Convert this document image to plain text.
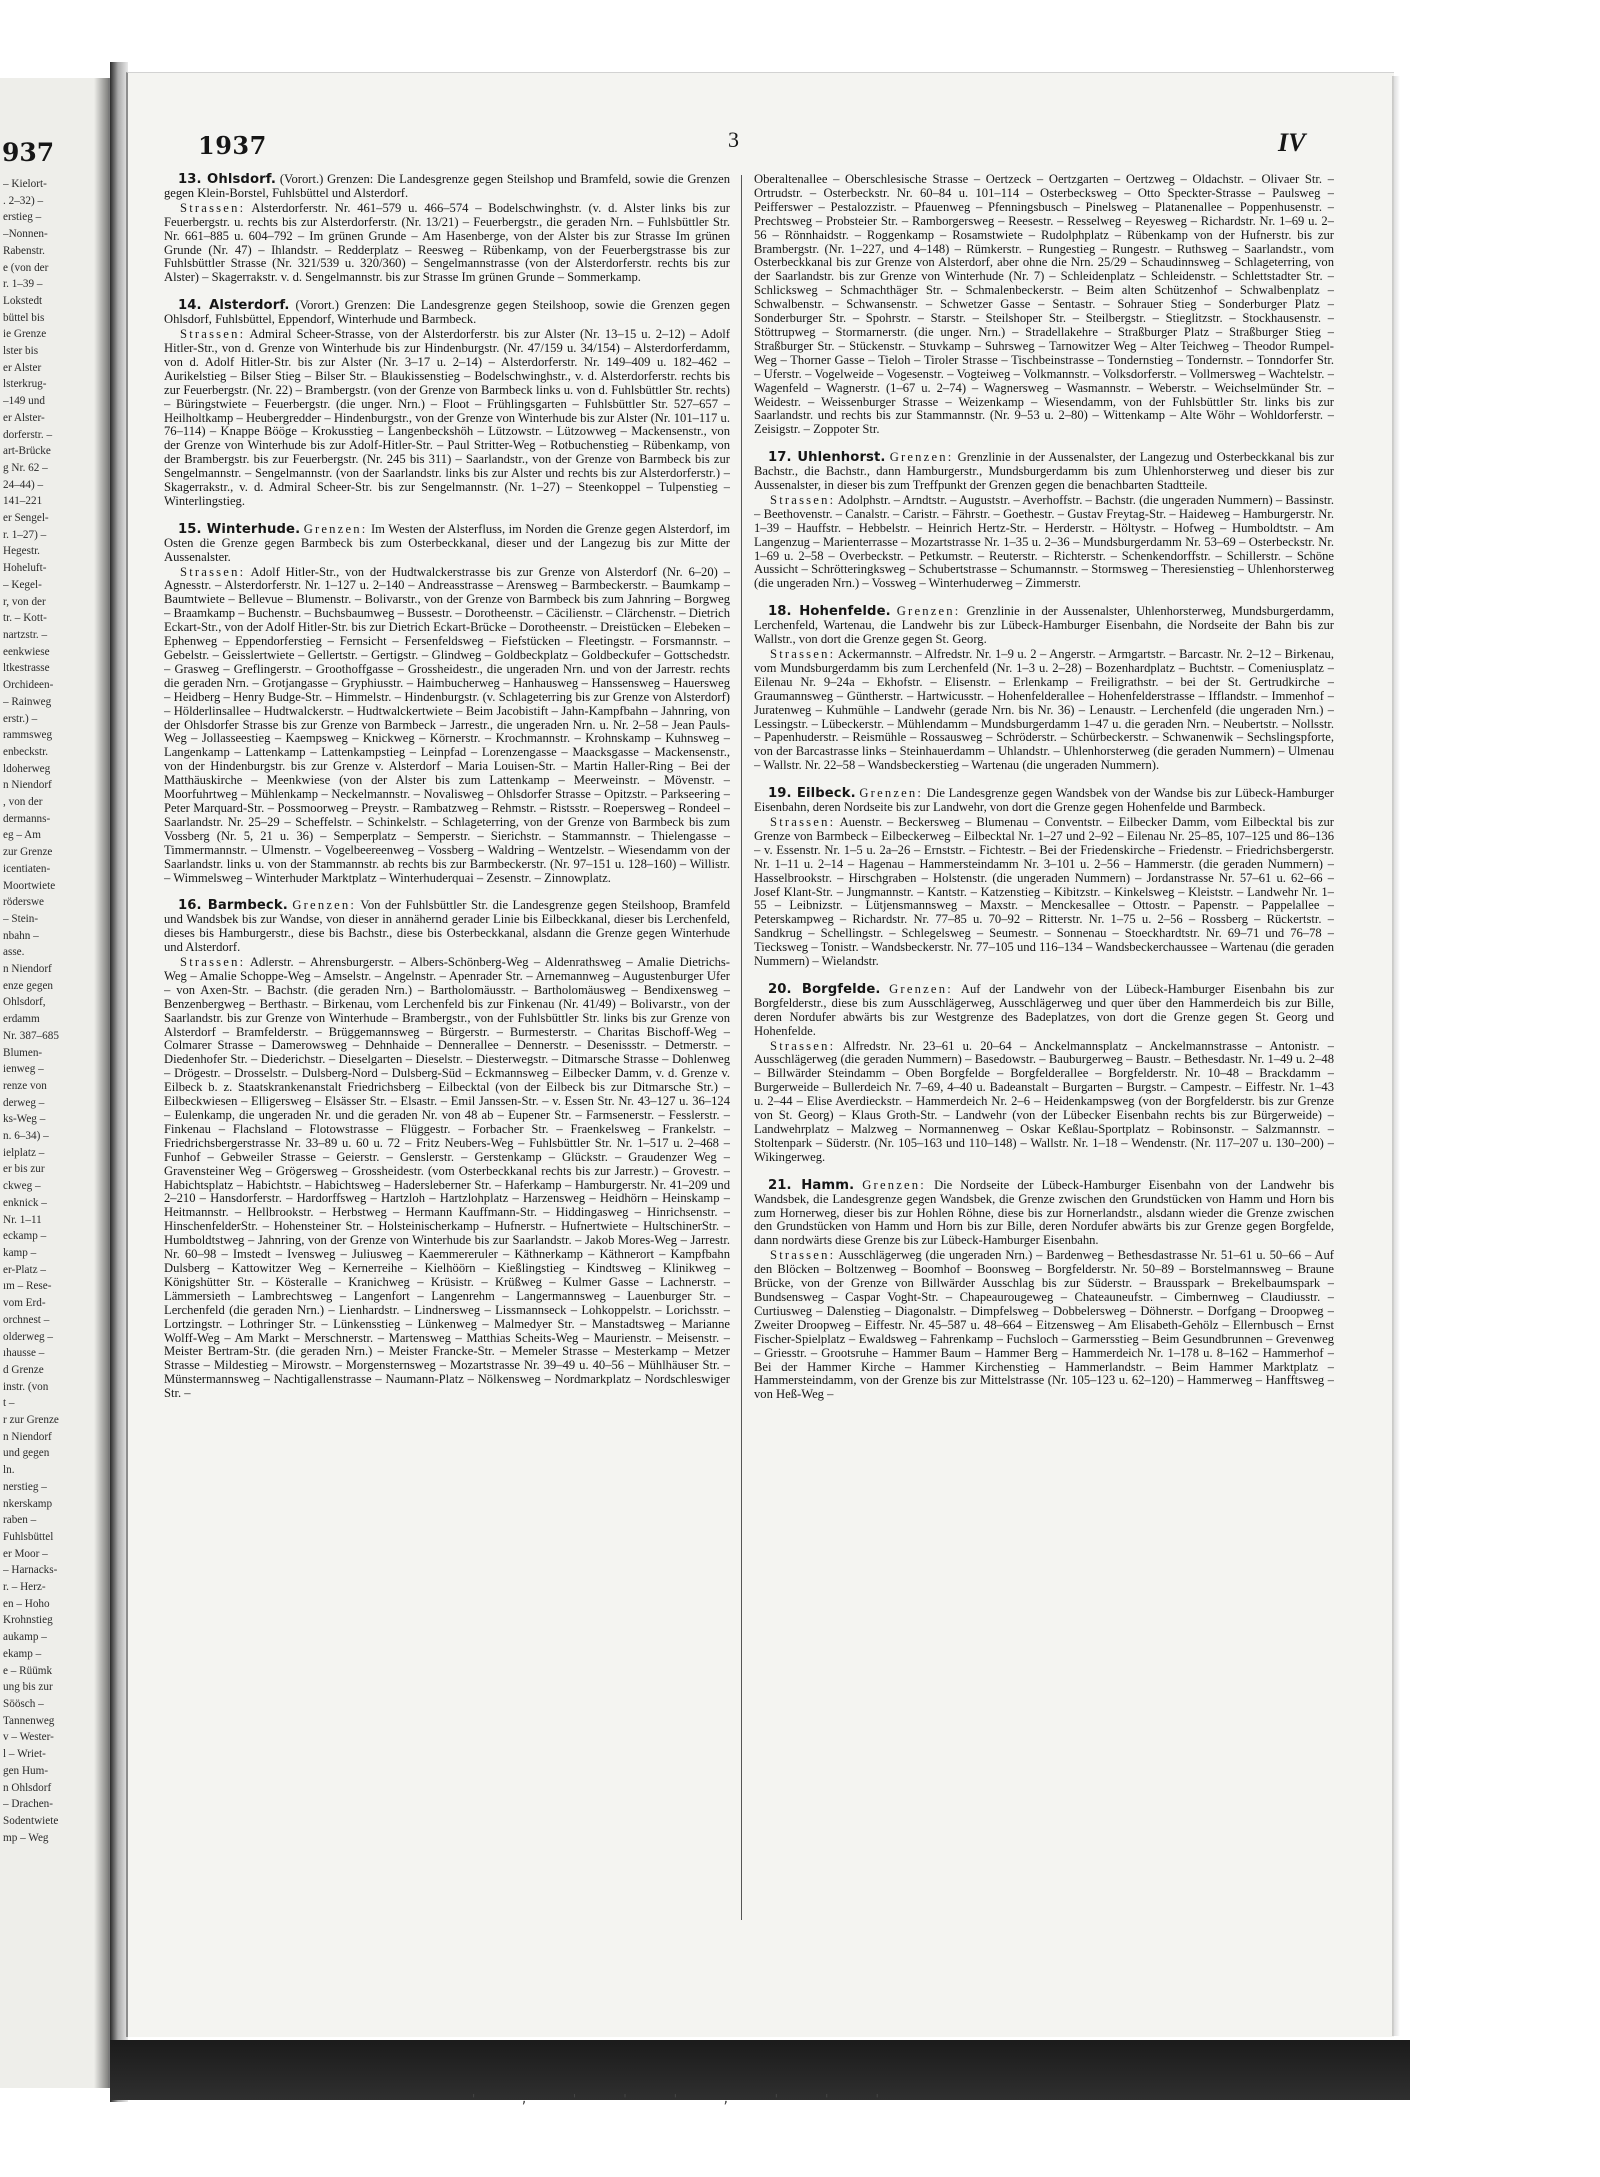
937
– Kielort-
. 2–32) –
erstieg –
–Nonnen-
Rabenstr.
e (von der
r. 1–39 –
Lokstedt
büttel bis
ie Grenze
lster bis
er Alster
lsterkrug-
–149 und
er Alster-
dorferstr. –
art-Brücke
g Nr. 62 –
24–44) –
141–221
er Sengel-
r. 1–27) –
Hegestr.
Hoheluft-
– Kegel-
r, von der
tr. – Kott-
nartzstr. –
eenkwiese
ltkestrasse
Orchideen-
– Rainweg
erstr.) –
rammsweg
enbeckstr.
ldoherweg
n Niendorf
, von der
dermanns-
eg – Am
zur Grenze
icentiaten-
Moortwiete
röderswe
– Stein-
nbahn –
asse.
n Niendorf
enze gegen
Ohlsdorf,
erdamm
Nr. 387–685
Blumen-
ienweg –
renze von
derweg –
ks-Weg –
n. 6–34) –
ielplatz –
er bis zur
ckweg –
enknick –
Nr. 1–11
eckamp –
kamp –
er-Platz –
ım – Rese-
vom Erd-
orchnest –
olderweg –
ıhausse –
d Grenze
instr. (von
t –
r zur Grenze
n Niendorf
und gegen
ln.
nerstieg –
nkerskamp
raben –
Fuhlsbüttel
er Moor –
– Harnacks-
r. – Herz-
en – Hoho
Krohnstieg
aukamp –
ekamp –
e – Rüümk
ung bis zur
Söösch –
Tannenweg
v – Wester-
l – Wriet-
gen Hum-
n Ohlsdorf
– Drachen-
Sodentwiete
mp – Weg
1937	3	IV

13. Ohlsdorf. (Vorort.) Grenzen: Die Landesgrenze gegen Steilshop und Bramfeld, sowie die Grenzen gegen Klein-Borstel, Fuhlsbüttel und Alsterdorf.

Strassen: Alsterdorferstr. Nr. 461–579 u. 466–574 – Bodelschwinghstr. (v. d. Alster links bis zur Feuerbergstr. u. rechts bis zur Alsterdorferstr. (Nr. 13/21) – Feuerbergstr., die geraden Nrn. – Fuhlsbüttler Str. Nr. 661–885 u. 604–792 – Im grünen Grunde – Am Hasenberge, von der Alster bis zur Strasse Im grünen Grunde (Nr. 47) – Ihlandstr. – Redderplatz – Reesweg – Rübenkamp, von der Feuerbergstrasse bis zur Fuhlsbüttler Strasse (Nr. 321/539 u. 320/360) – Sengelmannstrasse (von der Alsterdorferstr. rechts bis zur Alster) – Skagerrakstr. v. d. Sengelmannstr. bis zur Strasse Im grünen Grunde – Sommerkamp.

14. Alsterdorf. (Vorort.) Grenzen: Die Landesgrenze gegen Steilshoop, sowie die Grenzen gegen Ohlsdorf, Fuhlsbüttel, Eppendorf, Winterhude und Barmbeck.

Strassen: Admiral Scheer-Strasse, von der Alsterdorferstr. bis zur Alster (Nr. 13–15 u. 2–12) – Adolf Hitler-Str., von d. Grenze von Winterhude bis zur Hindenburgstr. (Nr. 47/159 u. 34/154) – Alsterdorferdamm, von d. Adolf Hitler-Str. bis zur Alster (Nr. 3–17 u. 2–14) – Alsterdorferstr. Nr. 149–409 u. 182–462 – Aurikelstieg – Bilser Stieg – Bilser Str. – Blaukissenstieg – Bodelschwinghstr., v. d. Alsterdorferstr. rechts bis zur Feuerbergstr. (Nr. 22) – Brambergstr. (von der Grenze von Barmbeck links u. von d. Fuhlsbüttler Str. rechts) – Büringstwiete – Feuerbergstr. (die unger. Nrn.) – Floot – Frühlingsgarten – Fuhlsbüttler Str. 527–657 – Heilholtkamp – Heubergredder – Hindenburgstr., von der Grenze von Winterhude bis zur Alster (Nr. 101–117 u. 76–114) – Knappe Bööge – Krokusstieg – Langenbeckshöh – Lützowstr. – Lützowweg – Mackensenstr., von der Grenze von Winterhude bis zur Adolf-Hitler-Str. – Paul Stritter-Weg – Rotbuchenstieg – Rübenkamp, von der Brambergstr. bis zur Feuerbergstr. (Nr. 245 bis 311) – Saarlandstr., von der Grenze von Barmbeck bis zur Sengelmannstr. – Sengelmannstr. (von der Saarlandstr. links bis zur Alster und rechts bis zur Alsterdorferstr.) – Skagerrakstr., v. d. Admiral Scheer-Str. bis zur Sengelmannstr. (Nr. 1–27) – Steenkoppel – Tulpenstieg – Winterlingstieg.

15. Winterhude. Grenzen: Im Westen der Alsterfluss, im Norden die Grenze gegen Alsterdorf, im Osten die Grenze gegen Barmbeck bis zum Osterbeckkanal, dieser und der Langezug bis zur Mitte der Aussenalster.

Strassen: Adolf Hitler-Str., von der Hudtwalckerstrasse bis zur Grenze von Alsterdorf (Nr. 6–20) – Agnesstr. – Alsterdorferstr. Nr. 1–127 u. 2–140 – Andreasstrasse – Arensweg – Barmbeckerstr. – Baumkamp – Baumtwiete – Bellevue – Blumenstr. – Bolivarstr., von der Grenze von Barmbeck bis zum Jahnring – Borgweg – Braamkamp – Buchenstr. – Buchsbaumweg – Bussestr. – Dorotheenstr. – Cäcilienstr. – Clärchenstr. – Dietrich Eckart-Str., von der Adolf Hitler-Str. bis zur Dietrich Eckart-Brücke – Dorotheenstr. – Dreistücken – Elebeken – Ephenweg – Eppendorferstieg – Fernsicht – Fersenfeldsweg – Fiefstücken – Fleetingstr. – Forsmannstr. – Gebelstr. – Geisslertwiete – Gellertstr. – Gertigstr. – Glindweg – Goldbeckplatz – Goldbeckufer – Gottschedstr. – Grasweg – Greflingerstr. – Groothoffgasse – Grossheidestr., die ungeraden Nrn. und von der Jarrestr. rechts die geraden Nrn. – Grotjangasse – Gryphiusstr. – Haimbucherweg – Hanhausweg – Hanssensweg – Hauersweg – Heidberg – Henry Budge-Str. – Himmelstr. – Hindenburgstr. (v. Schlageterring bis zur Grenze von Alsterdorf) – Hölderlinsallee – Hudtwalckerstr. – Hudtwalckertwiete – Beim Jacobistift – Jahn-Kampfbahn – Jahnring, von der Ohlsdorfer Strasse bis zur Grenze von Barmbeck – Jarrestr., die ungeraden Nrn. u. Nr. 2–58 – Jean Pauls-Weg – Jollasseestieg – Kaempsweg – Knickweg – Körnerstr. – Krochmannstr. – Krohnskamp – Kuhnsweg – Langenkamp – Lattenkamp – Lattenkampstieg – Leinpfad – Lorenzengasse – Maacksgasse – Mackensenstr., von der Hindenburgstr. bis zur Grenze v. Alsterdorf – Maria Louisen-Str. – Martin Haller-Ring – Bei der Matthäuskirche – Meenkwiese (von der Alster bis zum Lattenkamp – Meerweinstr. – Mövenstr. – Moorfuhrtweg – Mühlenkamp – Neckelmannstr. – Novalisweg – Ohlsdorfer Strasse – Opitzstr. – Parkseering – Peter Marquard-Str. – Possmoorweg – Preystr. – Rambatzweg – Rehmstr. – Ristsstr. – Roepersweg – Rondeel – Saarlandstr. Nr. 25–29 – Scheffelstr. – Schinkelstr. – Schlageterring, von der Grenze von Barmbeck bis zum Vossberg (Nr. 5, 21 u. 36) – Semperplatz – Semperstr. – Sierichstr. – Stammannstr. – Thielengasse – Timmermannstr. – Ulmenstr. – Vogelbeereenweg – Vossberg – Waldring – Wentzelstr. – Wiesendamm von der Saarlandstr. links u. von der Stammannstr. ab rechts bis zur Barmbeckerstr. (Nr. 97–151 u. 128–160) – Willistr. – Wimmelsweg – Winterhuder Marktplatz – Winterhuderquai – Zesenstr. – Zinnowplatz.

16. Barmbeck. Grenzen: Von der Fuhlsbüttler Str. die Landesgrenze gegen Steilshoop, Bramfeld und Wandsbek bis zur Wandse, von dieser in annähernd gerader Linie bis Eilbeckkanal, dieser bis Lerchenfeld, dieses bis Hamburgerstr., diese bis Bachstr., diese bis Osterbeckkanal, alsdann die Grenze gegen Winterhude und Alsterdorf.

Strassen: Adlerstr. – Ahrensburgerstr. – Albers-Schönberg-Weg – Aldenrathsweg – Amalie Dietrichs-Weg – Amalie Schoppe-Weg – Amselstr. – Angelnstr. – Apenrader Str. – Arnemannweg – Augustenburger Ufer – von Axen-Str. – Bachstr. (die geraden Nrn.) – Bartholomäusstr. – Bartholomäusweg – Bendixensweg – Benzenbergweg – Berthastr. – Birkenau, vom Lerchenfeld bis zur Finkenau (Nr. 41/49) – Bolivarstr., von der Saarlandstr. bis zur Grenze von Winterhude – Brambergstr., von der Fuhlsbüttler Str. links bis zur Grenze von Alsterdorf – Bramfelderstr. – Brüggemannsweg – Bürgerstr. – Burmesterstr. – Charitas Bischoff-Weg – Colmarer Strasse – Damerowsweg – Dehnhaide – Dennerallee – Dennerstr. – Desenissstr. – Detmerstr. – Diedenhofer Str. – Diederichstr. – Dieselgarten – Dieselstr. – Diesterwegstr. – Ditmarsche Strasse – Dohlenweg – Drögestr. – Drosselstr. – Dulsberg-Nord – Dulsberg-Süd – Eckmannsweg – Eilbecker Damm, v. d. Grenze v. Eilbeck b. z. Staatskrankenanstalt Friedrichsberg – Eilbecktal (von der Eilbeck bis zur Ditmarsche Str.) – Eilbeckwiesen – Elligersweg – Elsässer Str. – Elsastr. – Emil Janssen-Str. – v. Essen Str. Nr. 43–127 u. 36–124 – Eulenkamp, die ungeraden Nr. und die geraden Nr. von 48 ab – Eupener Str. – Farmsenerstr. – Fesslerstr. – Finkenau – Flachsland – Flotowstrasse – Flüggestr. – Forbacher Str. – Fraenkelsweg – Frankelstr. – Friedrichsbergerstrasse Nr. 33–89 u. 60 u. 72 – Fritz Neubers-Weg – Fuhlsbüttler Str. Nr. 1–517 u. 2–468 – Funhof – Gebweiler Strasse – Geierstr. – Genslerstr. – Gerstenkamp – Glückstr. – Graudenzer Weg – Gravensteiner Weg – Grögersweg – Grossheidestr. (vom Osterbeckkanal rechts bis zur Jarrestr.) – Grovestr. – Habichtsplatz – Habichtstr. – Habichtsweg – Hadersleberner Str. – Haferkamp – Hamburgerstr. Nr. 41–209 und 2–210 – Hansdorferstr. – Hardorffsweg – Hartzloh – Hartzlohplatz – Harzensweg – Heidhörn – Heinskamp – Heitmannstr. – Hellbrookstr. – Herbstweg – Hermann Kauffmann-Str. – Hiddingasweg – Hinrichsenstr. – HinschenfelderStr. – Hohensteiner Str. – Holsteinischerkamp – Hufnerstr. – Hufnertwiete – HultschinerStr. – Humboldtstweg – Jahnring, von der Grenze von Winterhude bis zur Saarlandstr. – Jakob Mores-Weg – Jarrestr. Nr. 60–98 – Imstedt – Ivensweg – Juliusweg – Kaemmereruler – Käthnerkamp – Käthnerort – Kampfbahn Dulsberg – Kattowitzer Weg – Kernerreihe – Kielhöörn – Kießlingstieg – Kindtsweg – Klinikweg – Königshütter Str. – Kösteralle – Kranichweg – Krüsistr. – Krüßweg – Kulmer Gasse – Lachnerstr. – Lämmersieth – Lambrechtsweg – Langenfort – Langenrehm – Langermannsweg – Lauenburger Str. – Lerchenfeld (die geraden Nrn.) – Lienhardstr. – Lindnersweg – Lissmannseck – Lohkoppelstr. – Lorichsstr. – Lortzingstr. – Lothringer Str. – Lünkensstieg – Lünkenweg – Malmedyer Str. – Manstadtsweg – Marianne Wolff-Weg – Am Markt – Merschnerstr. – Martensweg – Matthias Scheits-Weg – Maurienstr. – Meisenstr. – Meister Bertram-Str. (die geraden Nrn.) – Meister Francke-Str. – Memeler Strasse – Mesterkamp – Metzer Strasse – Mildestieg – Mirowstr. – Morgensternsweg – Mozartstrasse Nr. 39–49 u. 40–56 – Mühlhäuser Str. – Münstermannsweg – Nachtigallenstrasse – Naumann-Platz – Nölkensweg – Nordmarkplatz – Nordschleswiger Str. –

Oberaltenallee – Oberschlesische Strasse – Oertzeck – Oertzgarten – Oertzweg – Oldachstr. – Olivaer Str. – Ortrudstr. – Osterbeckstr. Nr. 60–84 u. 101–114 – Osterbecksweg – Otto Speckter-Strasse – Paulsweg – Peifferswег – Pestalozzistr. – Pfauenweg – Pfenningsbusch – Pinelsweg – Platanenallee – Poppenhusenstr. – Prechtsweg – Probsteier Str. – Ramborgersweg – Reesestr. – Resselweg – Reyesweg – Richardstr. Nr. 1–69 u. 2–56 – Rönnhaidstr. – Roggenkamp – Rosamstwiete – Rudolphplatz – Rübenkamp von der Hufnerstr. bis zur Brambergstr. (Nr. 1–227, und 4–148) – Rümkerstr. – Rungestieg – Rungestr. – Ruthsweg – Saarlandstr., vom Osterbeckkanal bis zur Grenze von Alsterdorf, aber ohne die Nrn. 25/29 – Schaudinnsweg – Schlageterring, von der Saarlandstr. bis zur Grenze von Winterhude (Nr. 7) – Schleidenplatz – Schleidenstr. – Schlettstadter Str. – Schlicksweg – Schmachthäger Str. – Schmalenbeckerstr. – Beim alten Schützenhof – Schwalbenplatz – Schwalbenstr. – Schwansenstr. – Schwetzer Gasse – Sentastr. – Sohrauer Stieg – Sonderburger Platz – Sonderburger Str. – Spohrstr. – Starstr. – Steilshoper Str. – Steilbergstr. – Stieglitzstr. – Stockhausenstr. – Stöttrupweg – Stormarnerstr. (die unger. Nrn.) – Stradellakehre – Straßburger Platz – Straßburger Stieg – Straßburger Str. – Stückenstr. – Stuvkamp – Suhrsweg – Tarnowitzer Weg – Alter Teichweg – Theodor Rumpel-Weg – Thorner Gasse – Tieloh – Tiroler Strasse – Tischbeinstrasse – Tondernstieg – Tondernstr. – Tonndorfer Str. – Uferstr. – Vogelweide – Vogesenstr. – Vogteiweg – Volkmannstr. – Volksdorferstr. – Vollmersweg – Wachtelstr. – Wagenfeld – Wagnerstr. (1–67 u. 2–74) – Wagnersweg – Wasmannstr. – Weberstr. – Weichselmünder Str. – Weidestr. – Weissenburger Strasse – Weizenkamp – Wiesendamm, von der Fuhlsbüttler Str. links bis zur Saarlandstr. und rechts bis zur Stammannstr. (Nr. 9–53 u. 2–80) – Wittenkamp – Alte Wöhr – Wohldorferstr. – Zeisigstr. – Zoppoter Str.

17. Uhlenhorst. Grenzen: Grenzlinie in der Aussenalster, der Langezug und Osterbeckkanal bis zur Bachstr., die Bachstr., dann Hamburgerstr., Mundsburgerdamm bis zum Uhlenhorsterweg und dieser bis zur Aussenalster, in dieser bis zum Treffpunkt der Grenzen gegen die benachbarten Stadtteile.

Strassen: Adolphstr. – Arndtstr. – Auguststr. – Averhoffstr. – Bachstr. (die ungeraden Nummern) – Bassinstr. – Beethovenstr. – Canalstr. – Caristr. – Fährstr. – Goethestr. – Gustav Freytag-Str. – Haideweg – Hamburgerstr. Nr. 1–39 – Hauffstr. – Hebbelstr. – Heinrich Hertz-Str. – Herderstr. – Höltystr. – Hofweg – Humboldtstr. – Am Langenzug – Marienterrasse – Mozartstrasse Nr. 1–35 u. 2–36 – Mundsburgerdamm Nr. 53–69 – Osterbeckstr. Nr. 1–69 u. 2–58 – Overbeckstr. – Petkumstr. – Reuterstr. – Richterstr. – Schenkendorffstr. – Schillerstr. – Schöne Aussicht – Schrötteringksweg – Schubertstrasse – Schumannstr. – Stormsweg – Theresienstieg – Uhlenhorsterweg (die ungeraden Nrn.) – Vossweg – Winterhuderweg – Zimmerstr.

18. Hohenfelde. Grenzen: Grenzlinie in der Aussenalster, Uhlenhorsterweg, Mundsburgerdamm, Lerchenfeld, Wartenau, die Landwehr bis zur Lübeck-Hamburger Eisenbahn, die Nordseite der Bahn bis zur Wallstr., von dort die Grenze gegen St. Georg.

Strassen: Ackermannstr. – Alfredstr. Nr. 1–9 u. 2 – Angerstr. – Armgartstr. – Barcastr. Nr. 2–12 – Birkenau, vom Mundsburgerdamm bis zum Lerchenfeld (Nr. 1–3 u. 2–28) – Bozenhardplatz – Buchtstr. – Comeniusplatz – Eilenau Nr. 9–24a – Ekhofstr. – Elisenstr. – Erlenkamp – Freiligrathstr. – bei der St. Gertrudkirche – Graumannsweg – Güntherstr. – Hartwicusstr. – Hohenfelderallee – Hohenfelderstrasse – Ifflandstr. – Immenhof – Juratenweg – Kuhmühle – Landwehr (gerade Nrn. bis Nr. 36) – Lenaustr. – Lerchenfeld (die ungeraden Nrn.) – Lessingstr. – Lübeckerstr. – Mühlendamm – Mundsburgerdamm 1–47 u. die geraden Nrn. – Neubertstr. – Nollsstr. – Papenhuderstr. – Reismühle – Rossausweg – Schröderstr. – Schürbeckerstr. – Schwanenwik – Sechslingspforte, von der Barcastrasse links – Steinhauerdamm – Uhlandstr. – Uhlenhorsterweg (die geraden Nummern) – Ulmenau – Wallstr. Nr. 22–58 – Wandsbeckerstieg – Wartenau (die ungeraden Nummern).

19. Eilbeck. Grenzen: Die Landesgrenze gegen Wandsbek von der Wandse bis zur Lübeck-Hamburger Eisenbahn, deren Nordseite bis zur Landwehr, von dort die Grenze gegen Hohenfelde und Barmbeck.

Strassen: Auenstr. – Beckersweg – Blumenau – Conventstr. – Eilbecker Damm, vom Eilbecktal bis zur Grenze von Barmbeck – Eilbeckerweg – Eilbecktal Nr. 1–27 und 2–92 – Eilenau Nr. 25–85, 107–125 und 86–136 – v. Essenstr. Nr. 1–5 u. 2a–26 – Ernststr. – Fichtestr. – Bei der Friedenskirche – Friedenstr. – Friedrichsbergerstr. Nr. 1–11 u. 2–14 – Hagenau – Hammersteindamm Nr. 3–101 u. 2–56 – Hammerstr. (die geraden Nummern) – Hasselbrookstr. – Hirschgraben – Holstenstr. (die ungeraden Nummern) – Jordanstrasse Nr. 57–61 u. 62–66 – Josef Klant-Str. – Jungmannstr. – Kantstr. – Katzenstieg – Kibitzstr. – Kinkelsweg – Kleiststr. – Landwehr Nr. 1–55 – Leibnizstr. – Lütjensmannsweg – Maxstr. – Menckesallee – Ottostr. – Papenstr. – Pappelallee – Peterskampweg – Richardstr. Nr. 77–85 u. 70–92 – Ritterstr. Nr. 1–75 u. 2–56 – Rossberg – Rückertstr. – Sandkrug – Schellingstr. – Schlegelsweg – Seumestr. – Sonnenau – Stoeckhardtstr. Nr. 69–71 und 76–78 – Tiecksweg – Tonistr. – Wandsbeckerstr. Nr. 77–105 und 116–134 – Wandsbeckerchaussee – Wartenau (die geraden Nummern) – Wielandstr.

20. Borgfelde. Grenzen: Auf der Landwehr von der Lübeck-Hamburger Eisenbahn bis zur Borgfelderstr., diese bis zum Ausschlägerweg, Ausschlägerweg und quer über den Hammerdeich bis zur Bille, deren Nordufer abwärts bis zur Westgrenze des Badeplatzes, von dort die Grenze gegen St. Georg und Hohenfelde.

Strassen: Alfredstr. Nr. 23–61 u. 20–64 – Anckelmannsplatz – Anckelmannstrasse – Antonistr. – Ausschlägerweg (die geraden Nummern) – Basedowstr. – Bauburgerweg – Baustr. – Bethesdastr. Nr. 1–49 u. 2–48 – Billwärder Steindamm – Oben Borgfelde – Borgfelderallee – Borgfelderstr. Nr. 10–48 – Brackdamm – Burgerweide – Bullerdeich Nr. 7–69, 4–40 u. Badeanstalt – Burgarten – Burgstr. – Campestr. – Eiffestr. Nr. 1–43 u. 2–44 – Elise Averdieckstr. – Hammerdeich Nr. 2–6 – Heidenkampsweg (von der Borgfelderstr. bis zur Grenze von St. Georg) – Klaus Groth-Str. – Landwehr (von der Lübecker Eisenbahn rechts bis zur Bürgerweide) – Landwehrplatz – Malzweg – Normannenweg – Oskar Keßlau-Sportplatz – Robinsonstr. – Salzmannstr. – Stoltenpark – Süderstr. (Nr. 105–163 und 110–148) – Wallstr. Nr. 1–18 – Wendenstr. (Nr. 117–207 u. 130–200) – Wikingerweg.

21. Hamm. Grenzen: Die Nordseite der Lübeck-Hamburger Eisenbahn von der Landwehr bis Wandsbek, die Landesgrenze gegen Wandsbek, die Grenze zwischen den Grundstücken von Hamm und Horn bis zum Hornerweg, dieser bis zur Hohlen Röhne, diese bis zur Hornerlandstr., alsdann wieder die Grenze zwischen den Grundstücken von Hamm und Horn bis zur Bille, deren Nordufer abwärts bis zur Grenze gegen Borgfelde, dann nordwärts diese Grenze bis zur Lübeck-Hamburger Eisenbahn.

Strassen: Ausschlägerweg (die ungeraden Nrn.) – Bardenweg – Bethesdastrasse Nr. 51–61 u. 50–66 – Auf den Blöcken – Boltzenweg – Boomhof – Boonsweg – Borgfelderstr. Nr. 50–89 – Borstelmannsweg – Braune Brücke, von der Grenze von Billwärder Ausschlag bis zur Süderstr. – Brausspark – Brekelbaumspark – Bundsensweg – Caspar Voght-Str. – Chapeaurougeweg – Chateauneufstr. – Cimbernweg – Claudiusstr. – Curtiusweg – Dalenstieg – Diagonalstr. – Dimpfelsweg – Dobbelersweg – Döhnerstr. – Dorfgang – Droopweg – Zweiter Droopweg – Eiffestr. Nr. 45–587 u. 48–664 – Eitzensweg – Am Elisabeth-Gehölz – Ellernbusch – Ernst Fischer-Spielplatz – Ewaldsweg – Fahrenkamp – Fuchsloch – Garmersstieg – Beim Gesundbrunnen – Grevenweg – Griesstr. – Grootsruhe – Hammer Baum – Hammer Berg – Hammerdeich Nr. 1–178 u. 8–162 – Hammerhof – Bei der Hammer Kirche – Hammer Kirchenstieg – Hammerlandstr. – Beim Hammer Marktplatz – Hammersteindamm, von der Grenze bis zur Mittelstrasse (Nr. 105–123 u. 62–120) – Hammerweg – Hanfftsweg – von Heß-Weg –

' , ' ' ' , ' ' '
